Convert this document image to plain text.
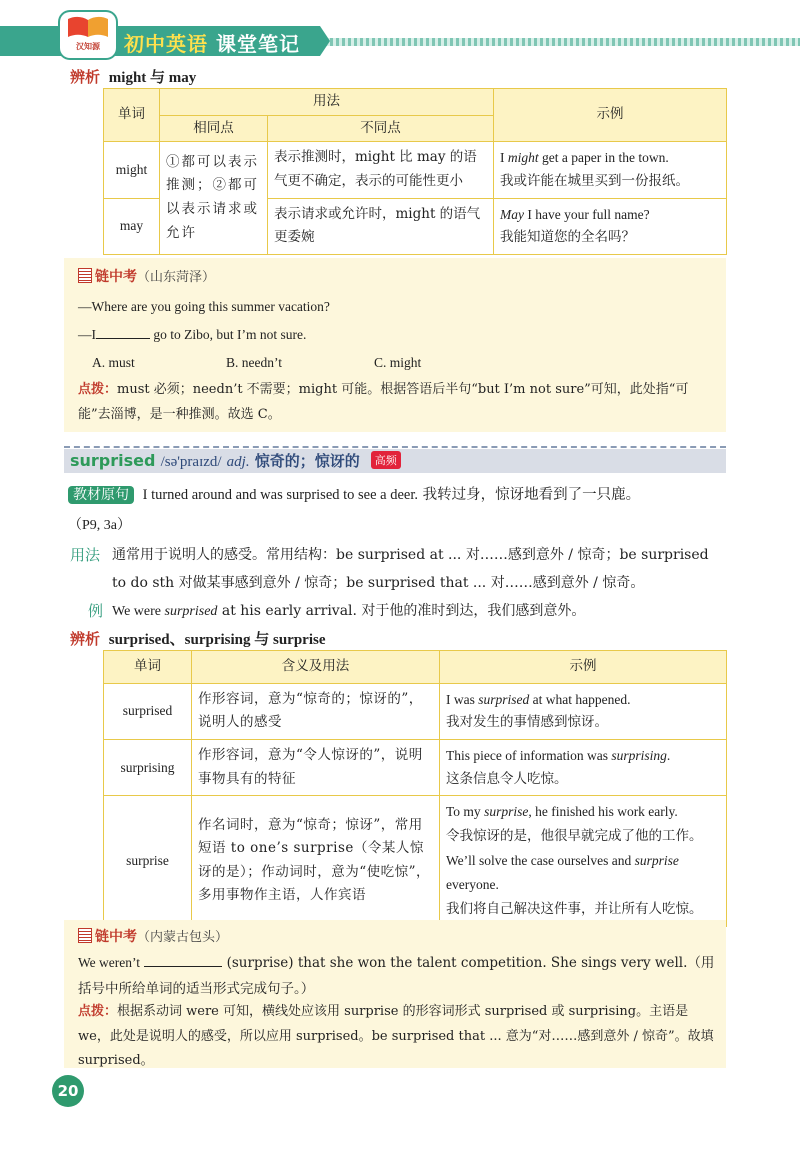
汉知源	初中英语 课堂笔记
辨析 might 与 may
单词	用法		示例
	相同点	不同点	
might	①都可以表示推测；②都可以表示请求或允许	表示推测时，might 比 may 的语气更不确定，表示的可能性更小	I might get a paper in the town.
我或许能在城里买到一份报纸。

may		表示请求或允许时，might 的语气更委婉	May I have your full name?
我能知道您的全名吗？
链中考（山东菏泽）
—Where are you going this summer vacation?
—I	go to Zibo, but I’m not sure.
A. must	B. needn’t	C. might
点拨：must 必须；needn’t 不需要；might 可能。根据答语后半句“but I’m not sure”可知，此处指“可能”去淄博，是一种推测。故选 C。
surprised /sə'praɪzd/ adj. 惊奇的；惊讶的 高频
教材原句 I turned around and was surprised to see a deer. 我转过身，惊讶地看到了一只鹿。
（P9, 3a）
用法 通常用于说明人的感受。常用结构：be surprised at ... 对……感到意外 / 惊奇；be surprised
to do sth 对做某事感到意外 / 惊奇；be surprised that ... 对……感到意外 / 惊奇。
例 We were surprised at his early arrival. 对于他的准时到达，我们感到意外。
辨析 surprised、surprising 与 surprise
单词	含义及用法	示例
surprised	作形容词，意为“惊奇的；惊讶的”，说明人的感受	I was surprised at what happened.
我对发生的事情感到惊讶。

surprising	作形容词，意为“令人惊讶的”，说明事物具有的特征	This piece of information was surprising.
这条信息令人吃惊。

surprise	作名词时，意为“惊奇；惊讶”，常用短语 to one’s surprise（令某人惊讶的是）；作动词时，意为“使吃惊”，多用事物作主语，人作宾语	To my surprise, he finished his work early.
令我惊讶的是，他很早就完成了他的工作。
We’ll solve the case ourselves and surprise
everyone.
我们将自己解决这件事，并让所有人吃惊。
链中考（内蒙古包头）
We weren’t	(surprise) that she won the talent competition. She sings very well.（用括号中所给单词的适当形式完成句子。）
点拨：根据系动词 were 可知，横线处应该用 surprise 的形容词形式 surprised 或 surprising。主语是 we，此处是说明人的感受，所以应用 surprised。be surprised that ... 意为“对……感到意外 / 惊奇”。故填 surprised。
20
